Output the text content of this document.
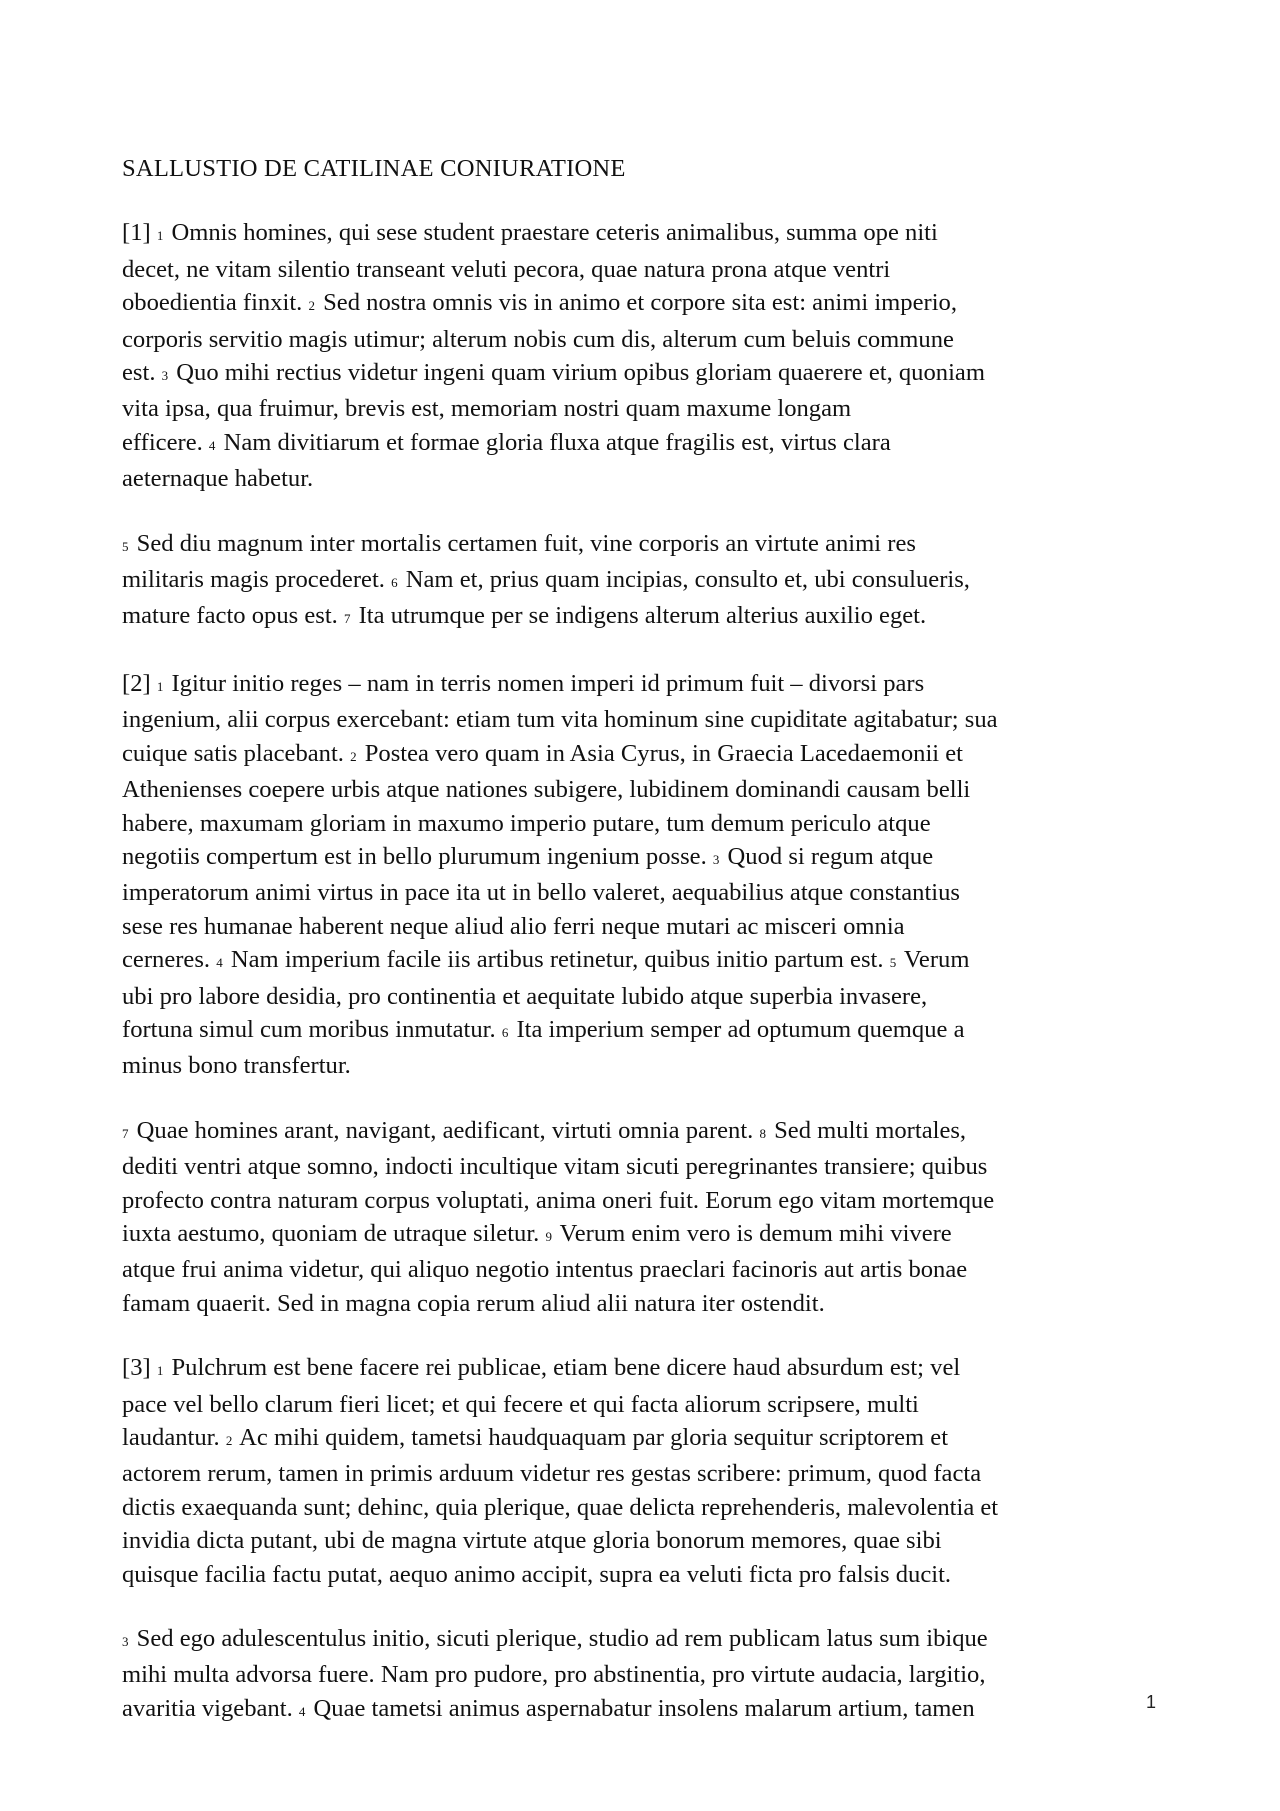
SALLUSTIO DE CATILINAE CONIURATIONE
[1] 1 Omnis homines, qui sese student praestare ceteris animalibus, summa ope niti
decet, ne vitam silentio transeant veluti pecora, quae natura prona atque ventri
oboedientia finxit. 2 Sed nostra omnis vis in animo et corpore sita est: animi imperio,
corporis servitio magis utimur; alterum nobis cum dis, alterum cum beluis commune
est. 3 Quo mihi rectius videtur ingeni quam virium opibus gloriam quaerere et, quoniam
vita ipsa, qua fruimur, brevis est, memoriam nostri quam maxume longam
efficere. 4 Nam divitiarum et formae gloria fluxa atque fragilis est, virtus clara
aeternaque habetur.
5 Sed diu magnum inter mortalis certamen fuit, vine corporis an virtute animi res
militaris magis procederet. 6 Nam et, prius quam incipias, consulto et, ubi consulueris,
mature facto opus est. 7 Ita utrumque per se indigens alterum alterius auxilio eget.
[2] 1 Igitur initio reges – nam in terris nomen imperi id primum fuit – divorsi pars
ingenium, alii corpus exercebant: etiam tum vita hominum sine cupiditate agitabatur; sua
cuique satis placebant. 2 Postea vero quam in Asia Cyrus, in Graecia Lacedaemonii et
Athenienses coepere urbis atque nationes subigere, lubidinem dominandi causam belli
habere, maxumam gloriam in maxumo imperio putare, tum demum periculo atque
negotiis compertum est in bello plurumum ingenium posse. 3 Quod si regum atque
imperatorum animi virtus in pace ita ut in bello valeret, aequabilius atque constantius
sese res humanae haberent neque aliud alio ferri neque mutari ac misceri omnia
cerneres. 4 Nam imperium facile iis artibus retinetur, quibus initio partum est. 5 Verum
ubi pro labore desidia, pro continentia et aequitate lubido atque superbia invasere,
fortuna simul cum moribus inmutatur. 6 Ita imperium semper ad optumum quemque a
minus bono transfertur.
7 Quae homines arant, navigant, aedificant, virtuti omnia parent. 8 Sed multi mortales,
dediti ventri atque somno, indocti incultique vitam sicuti peregrinantes transiere; quibus
profecto contra naturam corpus voluptati, anima oneri fuit. Eorum ego vitam mortemque
iuxta aestumo, quoniam de utraque siletur. 9 Verum enim vero is demum mihi vivere
atque frui anima videtur, qui aliquo negotio intentus praeclari facinoris aut artis bonae
famam quaerit. Sed in magna copia rerum aliud alii natura iter ostendit.
[3] 1 Pulchrum est bene facere rei publicae, etiam bene dicere haud absurdum est; vel
pace vel bello clarum fieri licet; et qui fecere et qui facta aliorum scripsere, multi
laudantur. 2 Ac mihi quidem, tametsi haudquaquam par gloria sequitur scriptorem et
actorem rerum, tamen in primis arduum videtur res gestas scribere: primum, quod facta
dictis exaequanda sunt; dehinc, quia plerique, quae delicta reprehenderis, malevolentia et
invidia dicta putant, ubi de magna virtute atque gloria bonorum memores, quae sibi
quisque facilia factu putat, aequo animo accipit, supra ea veluti ficta pro falsis ducit.
3 Sed ego adulescentulus initio, sicuti plerique, studio ad rem publicam latus sum ibique
mihi multa advorsa fuere. Nam pro pudore, pro abstinentia, pro virtute audacia, largitio,
avaritia vigebant. 4 Quae tametsi animus aspernabatur insolens malarum artium, tamen	1
